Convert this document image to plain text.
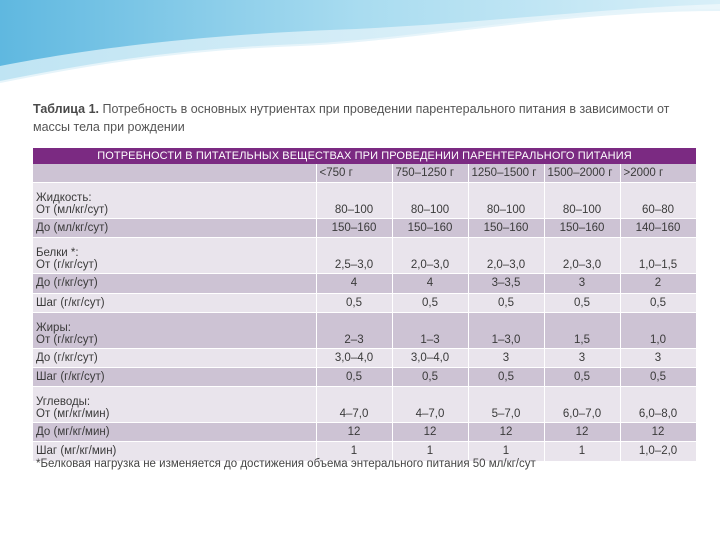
Таблица 1. Потребность в основных нутриентах при проведении парентерального питания в зависимости от массы тела при рождении
ПОТРЕБНОСТИ В ПИТАТЕЛЬНЫХ ВЕЩЕСТВАХ ПРИ ПРОВЕДЕНИИ ПАРЕНТЕРАЛЬНОГО ПИТАНИЯ					
	<750 г	750–1250 г	1250–1500 г	1500–2000 г	>2000 г

Жидкость:
От (мл/кг/сут)	80–100	80–100	80–100	80–100	60–80
До (мл/кг/сут)	150–160	150–160	150–160	150–160	140–160

Белки *:
От (г/кг/сут)	2,5–3,0	2,0–3,0	2,0–3,0	2,0–3,0	1,0–1,5
До (г/кг/сут)	4	4	3–3,5	3	2
Шаг (г/кг/сут)	0,5	0,5	0,5	0,5	0,5

Жиры:
От (г/кг/сут)	2–3	1–3	1–3,0	1,5	1,0
До (г/кг/сут)	3,0–4,0	3,0–4,0	3	3	3
Шаг (г/кг/сут)	0,5	0,5	0,5	0,5	0,5

Углеводы:
От (мг/кг/мин)	4–7,0	4–7,0	5–7,0	6,0–7,0	6,0–8,0
До (мг/кг/мин)	12	12	12	12	12
Шаг (мг/кг/мин)	1	1	1	1	1,0–2,0
*Белковая нагрузка не изменяется до достижения объема энтерального питания 50 мл/кг/сут
